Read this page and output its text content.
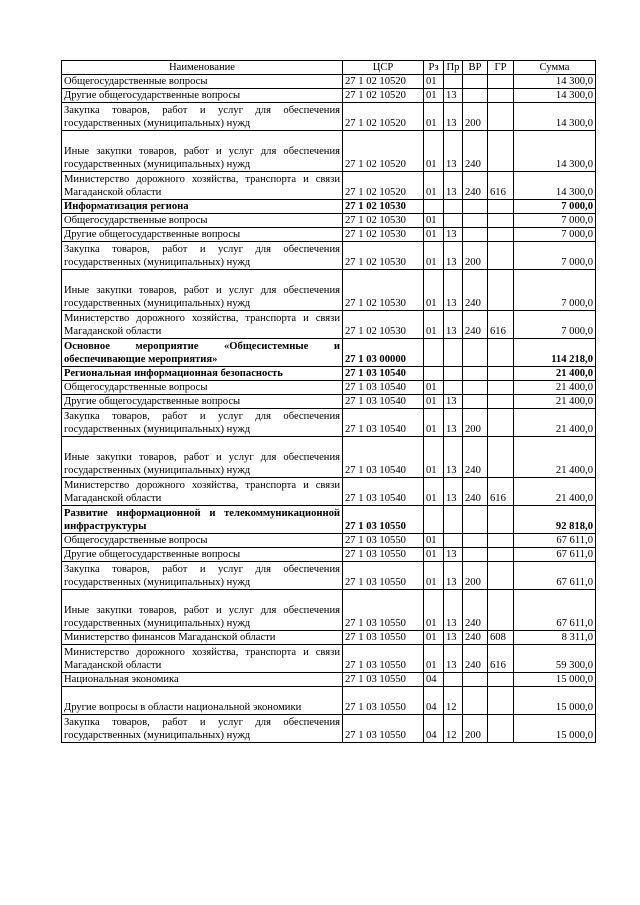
Наименование	ЦСР	Рз	Пр	ВР	ГР	Сумма
Общегосударственные вопросы	27 1 02 10520	01				14 300,0
Другие общегосударственные вопросы	27 1 02 10520	01	13			14 300,0
Закупка товаров, работ и услуг для обеспечения государственных (муниципальных) нужд	27 1 02 10520	01	13	200		14 300,0
Иные закупки товаров, работ и услуг для обеспечения государственных (муниципальных) нужд	27 1 02 10520	01	13	240		14 300,0
Министерство дорожного хозяйства, транспорта и связи Магаданской области	27 1 02 10520	01	13	240	616	14 300,0
Информатизация региона	27 1 02 10530					7 000,0
Общегосударственные вопросы	27 1 02 10530	01				7 000,0
Другие общегосударственные вопросы	27 1 02 10530	01	13			7 000,0
Закупка товаров, работ и услуг для обеспечения государственных (муниципальных) нужд	27 1 02 10530	01	13	200		7 000,0
Иные закупки товаров, работ и услуг для обеспечения государственных (муниципальных) нужд	27 1 02 10530	01	13	240		7 000,0
Министерство дорожного хозяйства, транспорта и связи Магаданской области	27 1 02 10530	01	13	240	616	7 000,0
Основное мероприятие «Общесистемные и обеспечивающие мероприятия»	27 1 03 00000					114 218,0
Региональная информационная безопасность	27 1 03 10540					21 400,0
Общегосударственные вопросы	27 1 03 10540	01				21 400,0
Другие общегосударственные вопросы	27 1 03 10540	01	13			21 400,0
Закупка товаров, работ и услуг для обеспечения государственных (муниципальных) нужд	27 1 03 10540	01	13	200		21 400,0
Иные закупки товаров, работ и услуг для обеспечения государственных (муниципальных) нужд	27 1 03 10540	01	13	240		21 400,0
Министерство дорожного хозяйства, транспорта и связи Магаданской области	27 1 03 10540	01	13	240	616	21 400,0
Развитие информационной и телекоммуникационной инфраструктуры	27 1 03 10550					92 818,0
Общегосударственные вопросы	27 1 03 10550	01				67 611,0
Другие общегосударственные вопросы	27 1 03 10550	01	13			67 611,0
Закупка товаров, работ и услуг для обеспечения государственных (муниципальных) нужд	27 1 03 10550	01	13	200		67 611,0
Иные закупки товаров, работ и услуг для обеспечения государственных (муниципальных) нужд	27 1 03 10550	01	13	240		67 611,0
Министерство финансов Магаданской области	27 1 03 10550	01	13	240	608	8 311,0
Министерство дорожного хозяйства, транспорта и связи Магаданской области	27 1 03 10550	01	13	240	616	59 300,0
Национальная экономика	27 1 03 10550	04				15 000,0
Другие вопросы в области национальной экономики	27 1 03 10550	04	12			15 000,0
Закупка товаров, работ и услуг для обеспечения государственных (муниципальных) нужд	27 1 03 10550	04	12	200		15 000,0
